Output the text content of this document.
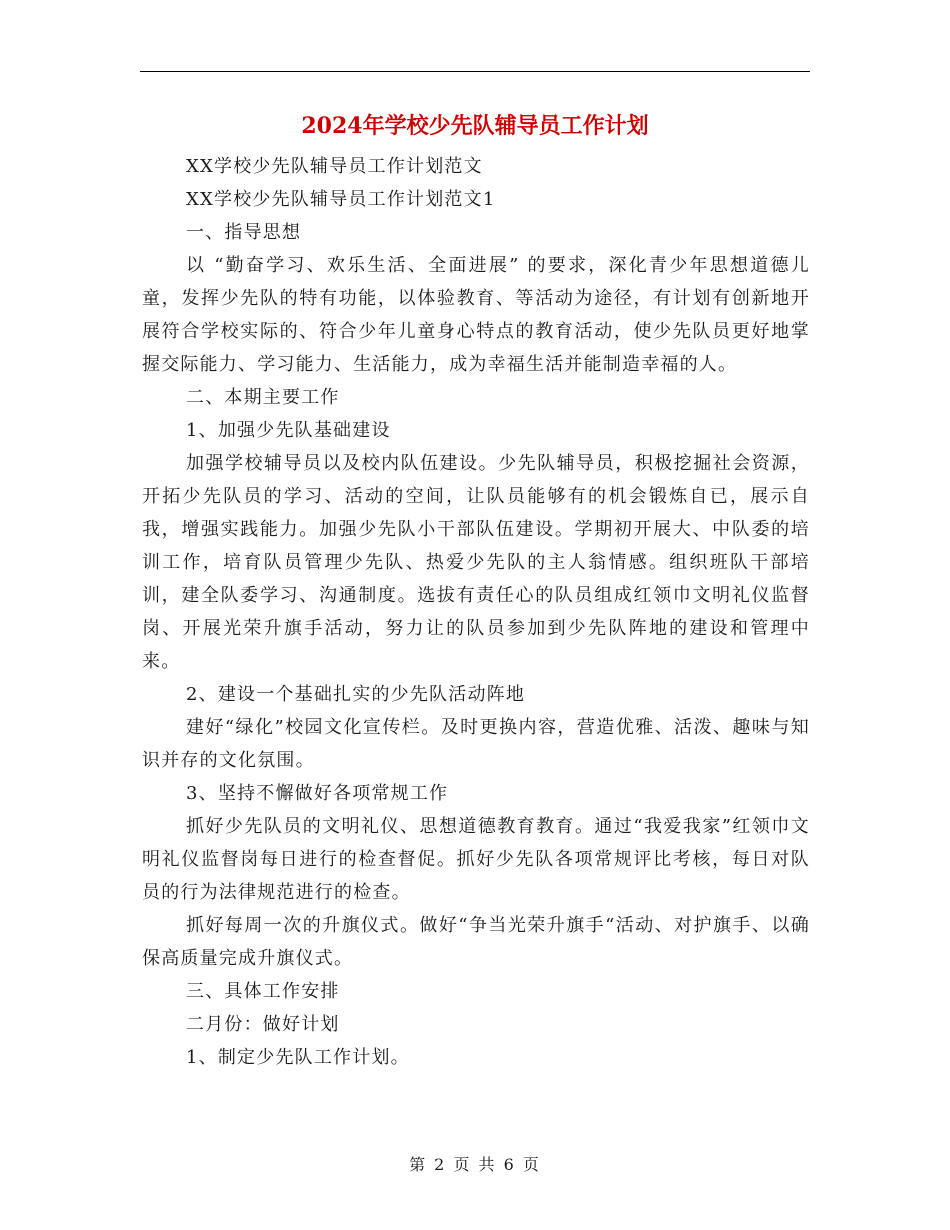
2024年学校少先队辅导员工作计划

XX学校少先队辅导员工作计划范文

XX学校少先队辅导员工作计划范文1

一、指导思想

以 “勤奋学习、欢乐生活、全面进展” 的要求，深化青少年思想道德儿童，发挥少先队的特有功能，以体验教育、等活动为途径，有计划有创新地开展符合学校实际的、符合少年儿童身心特点的教育活动，使少先队员更好地掌握交际能力、学习能力、生活能力，成为幸福生活并能制造幸福的人。

二、本期主要工作

1、加强少先队基础建设

加强学校辅导员以及校内队伍建设。少先队辅导员，积极挖掘社会资源，开拓少先队员的学习、活动的空间，让队员能够有的机会锻炼自已，展示自我，增强实践能力。加强少先队小干部队伍建设。学期初开展大、中队委的培训工作，培育队员管理少先队、热爱少先队的主人翁情感。组织班队干部培训，建全队委学习、沟通制度。选拔有责任心的队员组成红领巾文明礼仪监督岗、开展光荣升旗手活动，努力让的队员参加到少先队阵地的建设和管理中来。

2、建设一个基础扎实的少先队活动阵地

建好“绿化”校园文化宣传栏。及时更换内容，营造优雅、活泼、趣味与知识并存的文化氛围。

3、坚持不懈做好各项常规工作

抓好少先队员的文明礼仪、思想道德教育教育。通过“我爱我家”红领巾文明礼仪监督岗每日进行的检查督促。抓好少先队各项常规评比考核，每日对队员的行为法律规范进行的检查。

抓好每周一次的升旗仪式。做好“争当光荣升旗手“活动、对护旗手、以确保高质量完成升旗仪式。

三、具体工作安排

二月份：做好计划

1、制定少先队工作计划。

第 2 页 共 6 页
